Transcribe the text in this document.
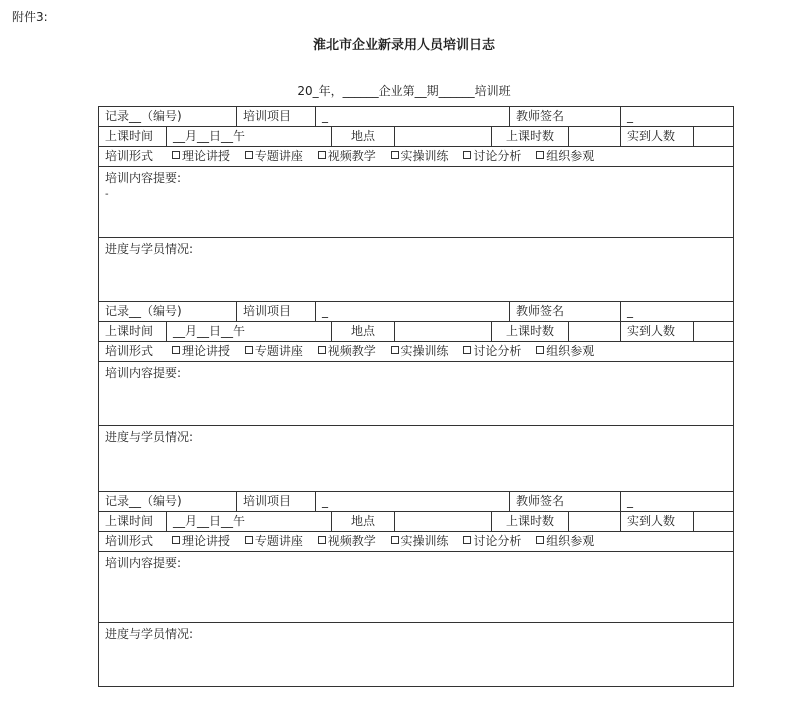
附件3:
淮北市企业新录用人员培训日志
20_年，______企业第__期______培训班
记录__（编号)	培训项目	_	教师签名	_
上课时间	__月__日__午	地点	上课时数	实到人数
培训形式	理论讲授 专题讲座 视频教学 实操训练 讨论分析 组织参观
培训内容提要:
-
进度与学员情况:
记录__（编号)	培训项目	_	教师签名	_
上课时间	__月__日__午	地点	上课时数	实到人数
培训形式	理论讲授 专题讲座 视频教学 实操训练 讨论分析 组织参观
培训内容提要:
进度与学员情况:
记录__（编号)	培训项目	_	教师签名	_
上课时间	__月__日__午	地点	上课时数	实到人数
培训形式	理论讲授 专题讲座 视频教学 实操训练 讨论分析 组织参观
培训内容提要:
进度与学员情况:
